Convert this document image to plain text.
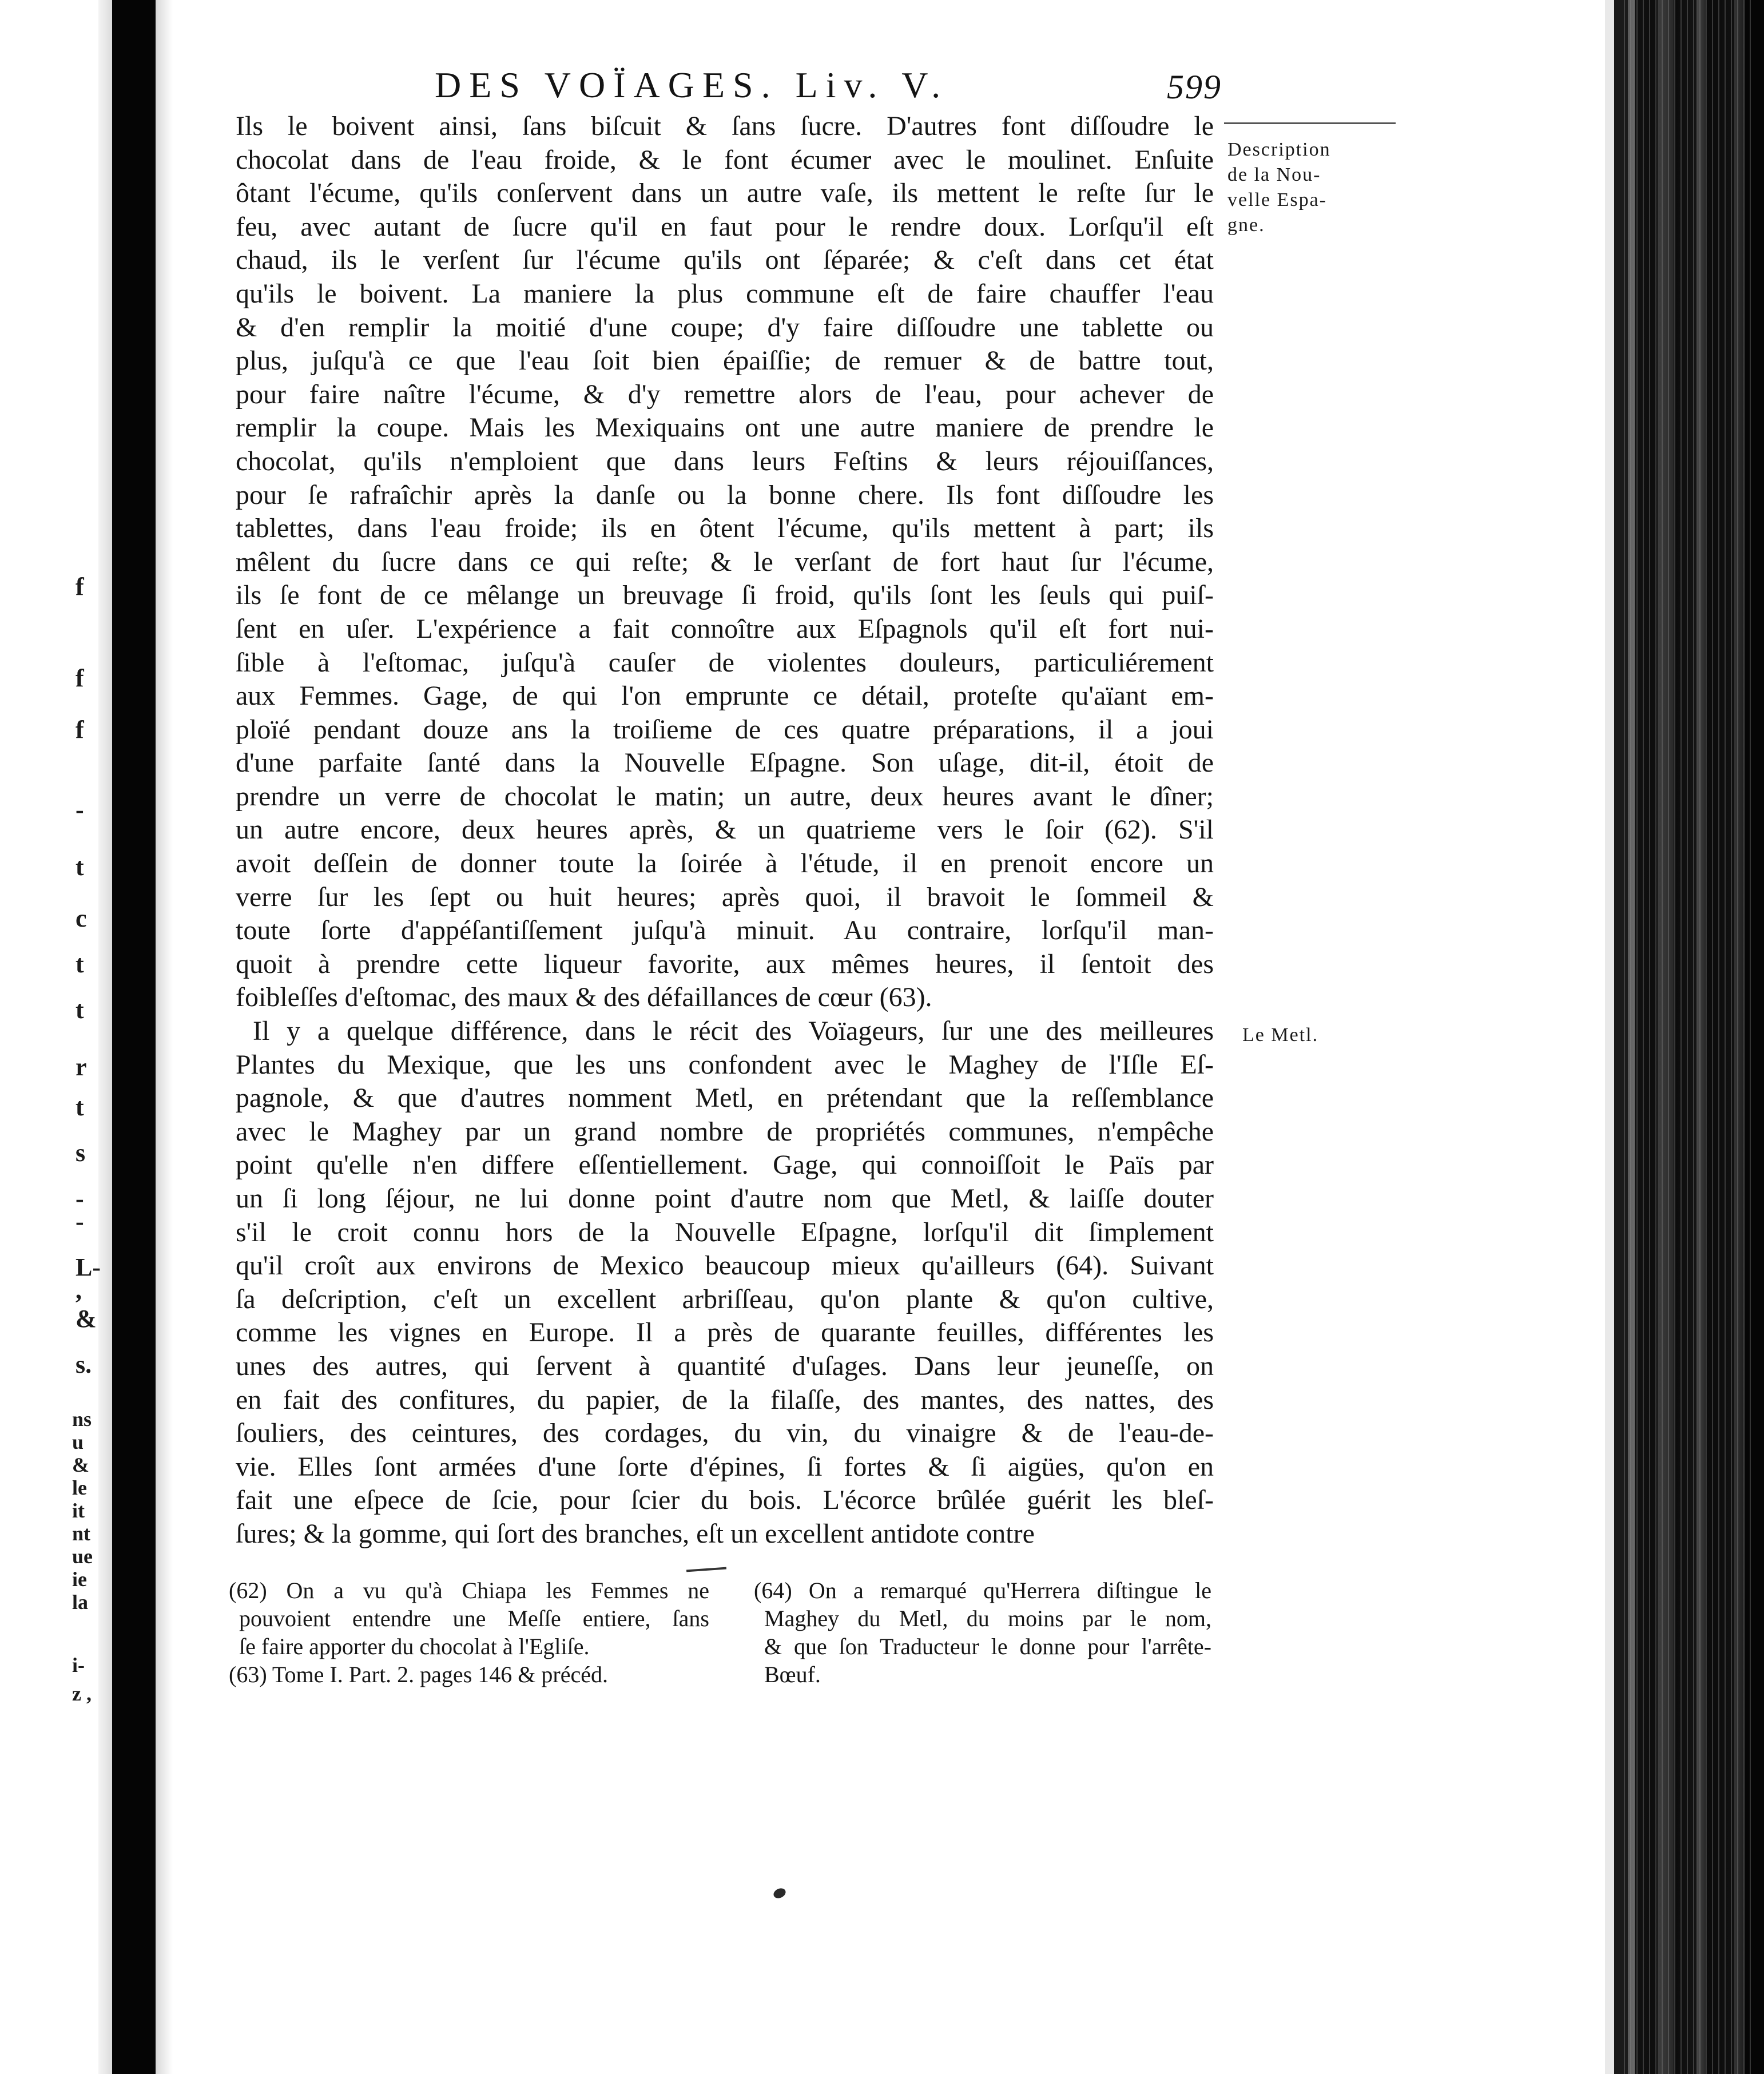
f
f
f
-
t
c
t
t
r
t
s
-
-
L-
,
&
s.
ns
u
&
le
it
nt
ue
ie
la
i-
z ,
DES VOЇAGES. Liv. V.	599
Description
de la Nou-
velle Espa-
gne.
Le Metl.
Ils le boivent ainsi, ſans biſcuit & ſans ſucre. D'autres font diſſoudre le
chocolat dans de l'eau froide, & le font écumer avec le moulinet. Enſuite
ôtant l'écume, qu'ils conſervent dans un autre vaſe, ils mettent le reſte ſur le
feu, avec autant de ſucre qu'il en faut pour le rendre doux. Lorſqu'il eſt
chaud, ils le verſent ſur l'écume qu'ils ont ſéparée; & c'eſt dans cet état
qu'ils le boivent. La maniere la plus commune eſt de faire chauffer l'eau
& d'en remplir la moitié d'une coupe; d'y faire diſſoudre une tablette ou
plus, juſqu'à ce que l'eau ſoit bien épaiſſie; de remuer & de battre tout,
pour faire naître l'écume, & d'y remettre alors de l'eau, pour achever de
remplir la coupe. Mais les Mexiquains ont une autre maniere de prendre le
chocolat, qu'ils n'emploient que dans leurs Feſtins & leurs réjouiſſances,
pour ſe rafraîchir après la danſe ou la bonne chere. Ils font diſſoudre les
tablettes, dans l'eau froide; ils en ôtent l'écume, qu'ils mettent à part; ils
mêlent du ſucre dans ce qui reſte; & le verſant de fort haut ſur l'écume,
ils ſe font de ce mêlange un breuvage ſi froid, qu'ils ſont les ſeuls qui puiſ-
ſent en uſer. L'expérience a fait connoître aux Eſpagnols qu'il eſt fort nui-
ſible à l'eſtomac, juſqu'à cauſer de violentes douleurs, particuliérement
aux Femmes. Gage, de qui l'on emprunte ce détail, proteſte qu'aïant em-
ploïé pendant douze ans la troiſieme de ces quatre préparations, il a joui
d'une parfaite ſanté dans la Nouvelle Eſpagne. Son uſage, dit-il, étoit de
prendre un verre de chocolat le matin; un autre, deux heures avant le dîner;
un autre encore, deux heures après, & un quatrieme vers le ſoir (62). S'il
avoit deſſein de donner toute la ſoirée à l'étude, il en prenoit encore un
verre ſur les ſept ou huit heures; après quoi, il bravoit le ſommeil &
toute ſorte d'appéſantiſſement juſqu'à minuit. Au contraire, lorſqu'il man-
quoit à prendre cette liqueur favorite, aux mêmes heures, il ſentoit des
foibleſſes d'eſtomac, des maux & des défaillances de cœur (63).
Il y a quelque différence, dans le récit des Voïageurs, ſur une des meilleures
Plantes du Mexique, que les uns confondent avec le Maghey de l'Iſle Eſ-
pagnole, & que d'autres nomment Metl, en prétendant que la reſſemblance
avec le Maghey par un grand nombre de propriétés communes, n'empêche
point qu'elle n'en differe eſſentiellement. Gage, qui connoiſſoit le Païs par
un ſi long ſéjour, ne lui donne point d'autre nom que Metl, & laiſſe douter
s'il le croit connu hors de la Nouvelle Eſpagne, lorſqu'il dit ſimplement
qu'il croît aux environs de Mexico beaucoup mieux qu'ailleurs (64). Suivant
ſa deſcription, c'eſt un excellent arbriſſeau, qu'on plante & qu'on cultive,
comme les vignes en Europe. Il a près de quarante feuilles, différentes les
unes des autres, qui ſervent à quantité d'uſages. Dans leur jeuneſſe, on
en fait des confitures, du papier, de la filaſſe, des mantes, des nattes, des
ſouliers, des ceintures, des cordages, du vin, du vinaigre & de l'eau-de-
vie. Elles ſont armées d'une ſorte d'épines, ſi fortes & ſi aigües, qu'on en
fait une eſpece de ſcie, pour ſcier du bois. L'écorce brûlée guérit les bleſ-
ſures; & la gomme, qui ſort des branches, eſt un excellent antidote contre
(62) On a vu qu'à Chiapa les Femmes ne
pouvoient entendre une Meſſe entiere, ſans
ſe faire apporter du chocolat à l'Egliſe.
(63) Tome I. Part. 2. pages 146 & précéd.
(64) On a remarqué qu'Herrera diſtingue le
Maghey du Metl, du moins par le nom,
& que ſon Traducteur le donne pour l'arrête-
Bœuf.
